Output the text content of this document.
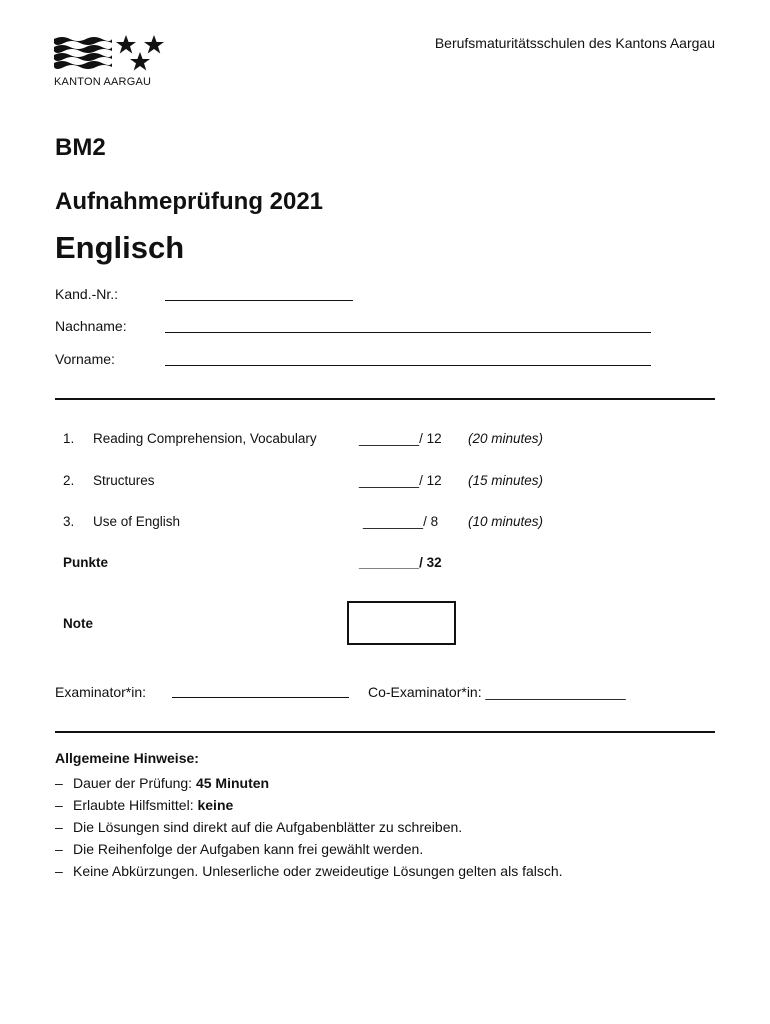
KANTON AARGAU
Berufsmaturitätsschulen des Kantons Aargau
BM2
Aufnahmeprüfung 2021
Englisch
Kand.-Nr.:
Nachname:
Vorname:
1. Reading Comprehension, Vocabulary	________/ 12 (20 minutes)
2. Structures	________/ 12 (15 minutes)
3. Use of English	________/ 8 (10 minutes)
Punkte	________/ 32
Note
Examinator*in:	Co-Examinator*in: __________________
Allgemeine Hinweise:
– Dauer der Prüfung: 45 Minuten
– Erlaubte Hilfsmittel: keine
– Die Lösungen sind direkt auf die Aufgabenblätter zu schreiben.
– Die Reihenfolge der Aufgaben kann frei gewählt werden.
– Keine Abkürzungen. Unleserliche oder zweideutige Lösungen gelten als falsch.
